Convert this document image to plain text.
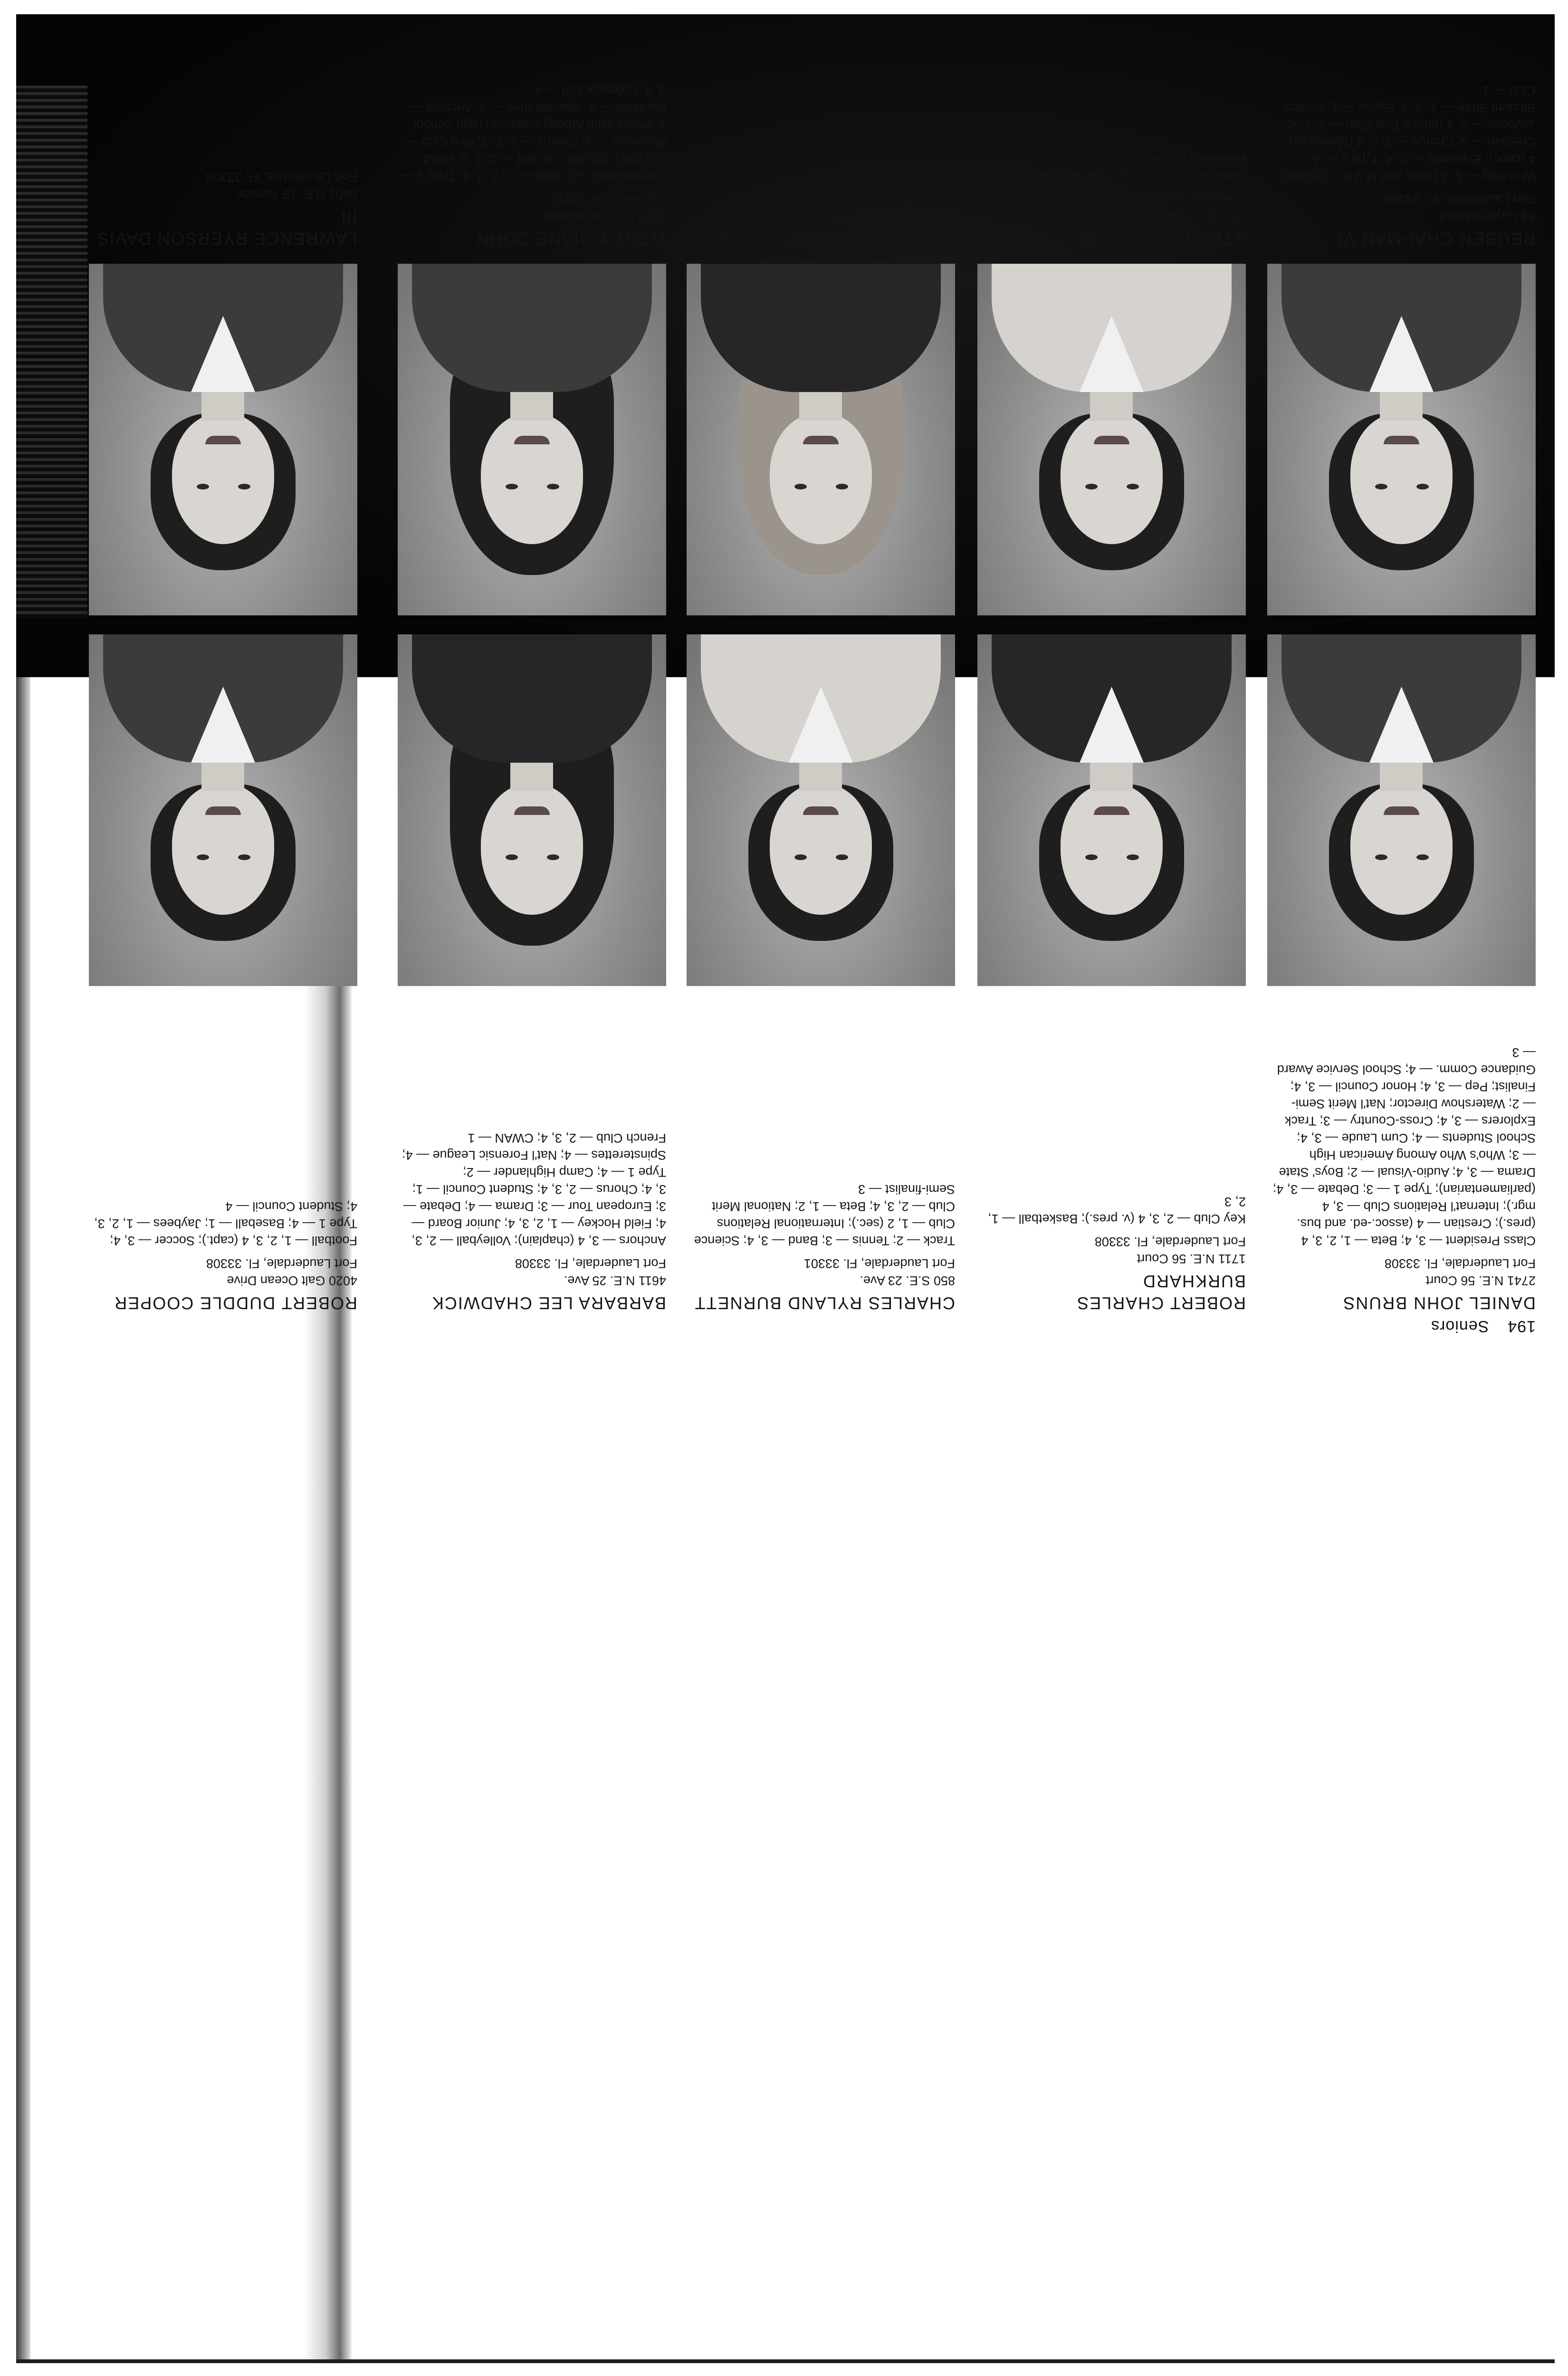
194  Seniors
DANIEL JOHN BRUNS
2741 N.E. 56 Court
Fort Lauderdale, Fl. 33308
Class President — 3, 4; Beta — 1, 2, 3, 4 (pres.); Crestian — 4 (assoc.-ed. and bus. mgr.); Internat'l Relations Club — 3, 4 (parliamentarian); Type 1 — 3; Debate — 3, 4; Drama — 3, 4; Audio-Visual — 2; Boys' State — 3; Who's Who Among American High School Students — 4; Cum Laude — 3, 4; Explorers — 3, 4; Cross-Country — 3; Track — 2; Watershow Director; Nat'l Merit Semi-Finalist; Pep — 3, 4; Honor Council — 3, 4; Guidance Comm. — 4; School Service Award — 3
ROBERT CHARLES BURKHARD
1711 N.E. 56 Court
Fort Lauderdale, Fl. 33308
Key Club — 2, 3, 4 (v. pres.); Basketball — 1, 2, 3
CHARLES RYLAND BURNETT
850 S.E. 23 Ave.
Fort Lauderdale, Fl. 33301
Track — 2; Tennis — 3; Band — 3, 4; Science Club — 1, 2 (sec.); International Relations Club — 2, 3, 4; Beta — 1, 2; National Merit Semi-finalist — 3
BARBARA LEE CHADWICK
4611 N.E. 25 Ave.
Fort Lauderdale, Fl. 33308
Anchors — 3, 4 (chaplain); Volleyball — 2, 3, 4; Field Hockey — 1, 2, 3, 4; Junior Board — 3; European Tour — 3; Drama — 4; Debate — 3, 4; Chorus — 2, 3, 4; Student Council — 1; Type 1 — 4; Camp Highlander — 2; Spinsterettes — 4; Nat'l Forensic League — 4; French Club — 2, 3, 4; CWAN — 1
ROBERT DUDDLE COOPER
4020 Galt Ocean Drive
Fort Lauderdale, Fl. 33308
Football — 1, 2, 3, 4 (capt.); Soccer — 3, 4; Type 1 — 4; Baseball — 1; Jaybees — 1, 2, 3, 4; Student Council — 4
REUBEN CHAPMAN VI
54 Cayuga Road
Fort Lauderdale, Fl. 33308
Wrestling — 1, 2 (capt. and M.V.P.), 3 (capt.), 4 (capt.); Explorers — 3, 4; Type 1 — 4; Crestian — 4; Chorus — 2, 3, 4 (Madrigals); Jaybees — 3, 4 (pres.); Pep Club — 1, 3, 4; Student Store — 1, 3, 4; Sigma — 1; French Club — 1
STEPHEN CHEFAN
20 S.E. 13 Street
Pompano Beach, Fl. 33060
Band — 1, 2, 3, 4; Key Club — 1; Nat'l Forensic League — 4
ELEANOR DIANE CLOWNEY
215 N.E. 121 Terrace
Miami, Fl. 33161
WENDY DIANE COHN
2800 N.W. 56 Avenue
Lauderhill, Fl. 33313
Pantherettes — 1; Beta — 1, 2, 3, 4; Type 1 — 3, 4 (ed.); Student Council — 2, 3, 4; Head Majorette — 4; Chorus — 1, 2, 3; Pep Club — 4; Who's Who Among American High School Students — 4; Spinsterettes — 4; Anchors — 3, 4; Calendar Girl — 4
LAWRENCE RYERSON DAVIS III
5801 N.E. 19 Terrace
Fort Lauderdale, Fl. 33308
